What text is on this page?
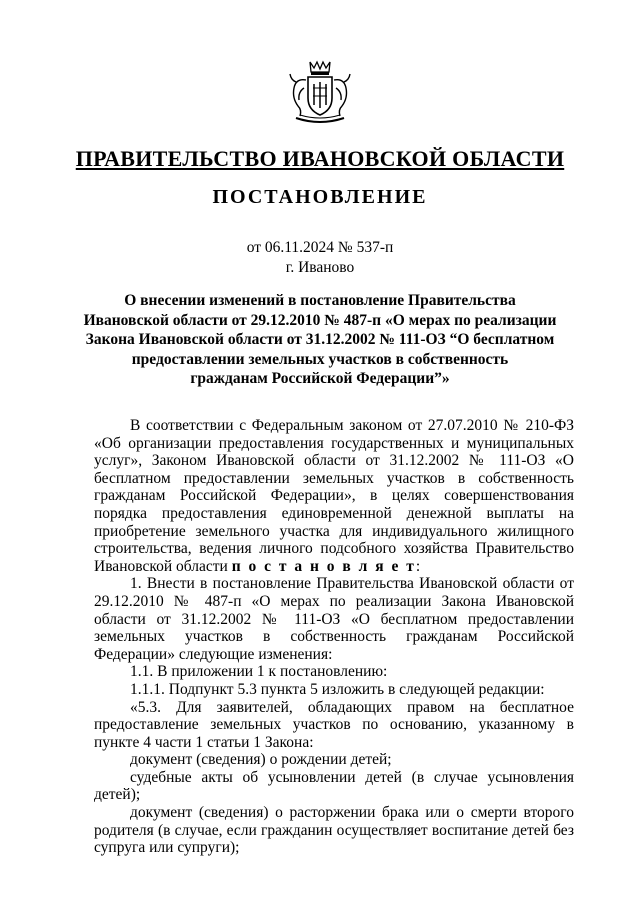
ПРАВИТЕЛЬСТВО ИВАНОВСКОЙ ОБЛАСТИ
ПОСТАНОВЛЕНИЕ
от 06.11.2024 № 537-п
г. Иваново
О внесении изменений в постановление Правительства
Ивановской области от 29.12.2010 № 487-п «О мерах по реализации
Закона Ивановской области от 31.12.2002 № 111-ОЗ “О бесплатном
предоставлении земельных участков в собственность
гражданам Российской Федерации”»

В соответствии с Федеральным законом от 27.07.2010 № 210-ФЗ «Об организации предоставления государственных и муниципальных услуг», Законом Ивановской области от 31.12.2002 № 111-ОЗ «О бесплатном предоставлении земельных участков в собственность гражданам Российской Федерации», в целях совершенствования порядка предоставления единовременной денежной выплаты на приобретение земельного участка для индивидуального жилищного строительства, ведения личного подсобного хозяйства Правительство Ивановской области п о с т а н о в л я е т:

1. Внести в постановление Правительства Ивановской области от 29.12.2010 № 487-п «О мерах по реализации Закона Ивановской области от 31.12.2002 № 111-ОЗ «О бесплатном предоставлении земельных участков в собственность гражданам Российской Федерации» следующие изменения:

1.1. В приложении 1 к постановлению:

1.1.1. Подпункт 5.3 пункта 5 изложить в следующей редакции:

«5.3. Для заявителей, обладающих правом на бесплатное предоставление земельных участков по основанию, указанному в пункте 4 части 1 статьи 1 Закона:

документ (сведения) о рождении детей;

судебные акты об усыновлении детей (в случае усыновления детей);

документ (сведения) о расторжении брака или о смерти второго родителя (в случае, если гражданин осуществляет воспитание детей без супруга или супруги);
